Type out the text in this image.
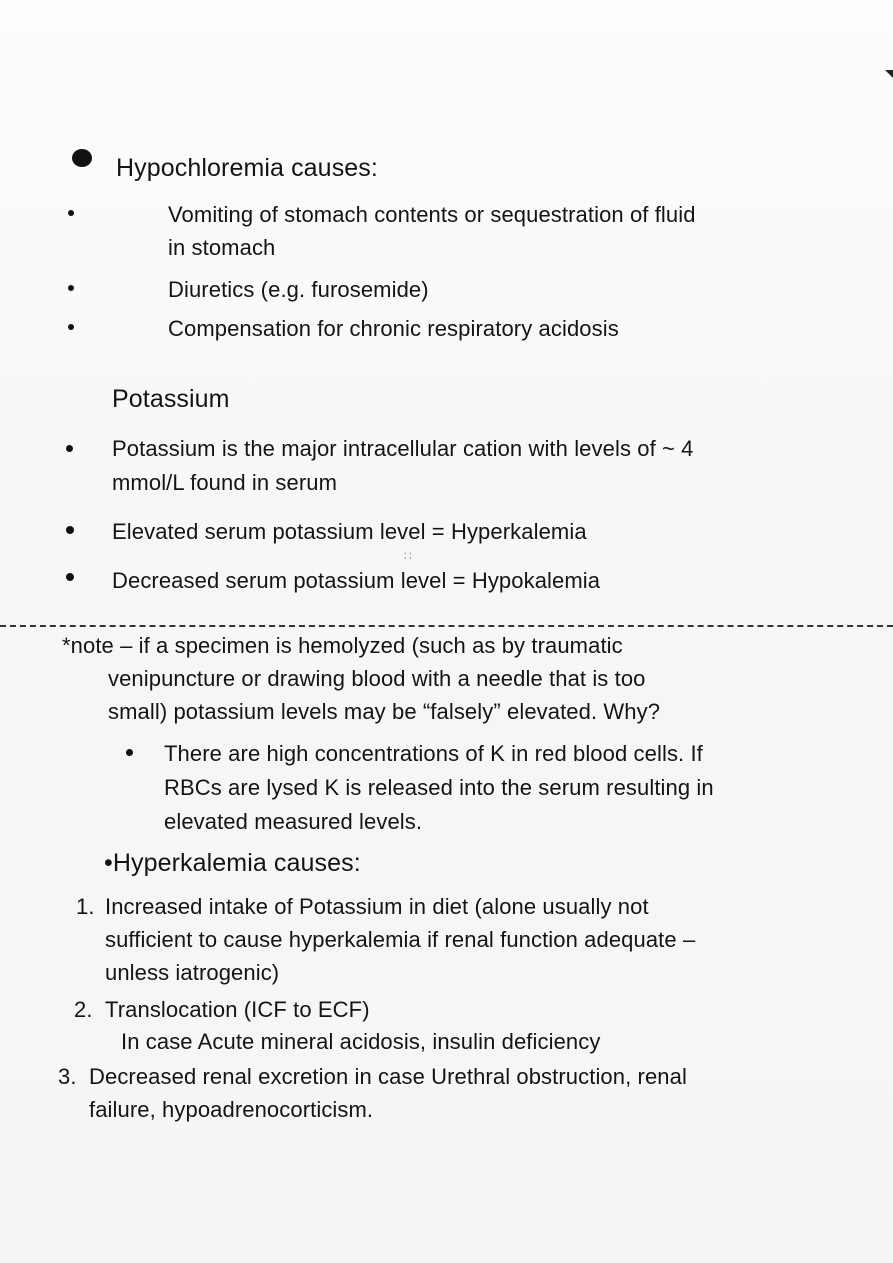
Hypochloremia causes:

Vomiting of stomach contents or sequestration of fluid

in stomach

Diuretics (e.g. furosemide)

Compensation for chronic respiratory acidosis

Potassium

Potassium is the major intracellular cation with levels of ~ 4

mmol/L found in serum

Elevated serum potassium level = Hyperkalemia

∷

Decreased serum potassium level = Hypokalemia

*note – if a specimen is hemolyzed (such as by traumatic

venipuncture or drawing blood with a needle that is too

small) potassium levels may be “falsely” elevated. Why?

There are high concentrations of K in red blood cells. If

RBCs are lysed K is released into the serum resulting in

elevated measured levels.

•Hyperkalemia causes:

1. Increased intake of Potassium in diet (alone usually not

sufficient to cause hyperkalemia if renal function adequate –

unless iatrogenic)

2. Translocation (ICF to ECF)

In case Acute mineral acidosis, insulin deficiency

3. Decreased renal excretion in case Urethral obstruction, renal

failure, hypoadrenocorticism.
